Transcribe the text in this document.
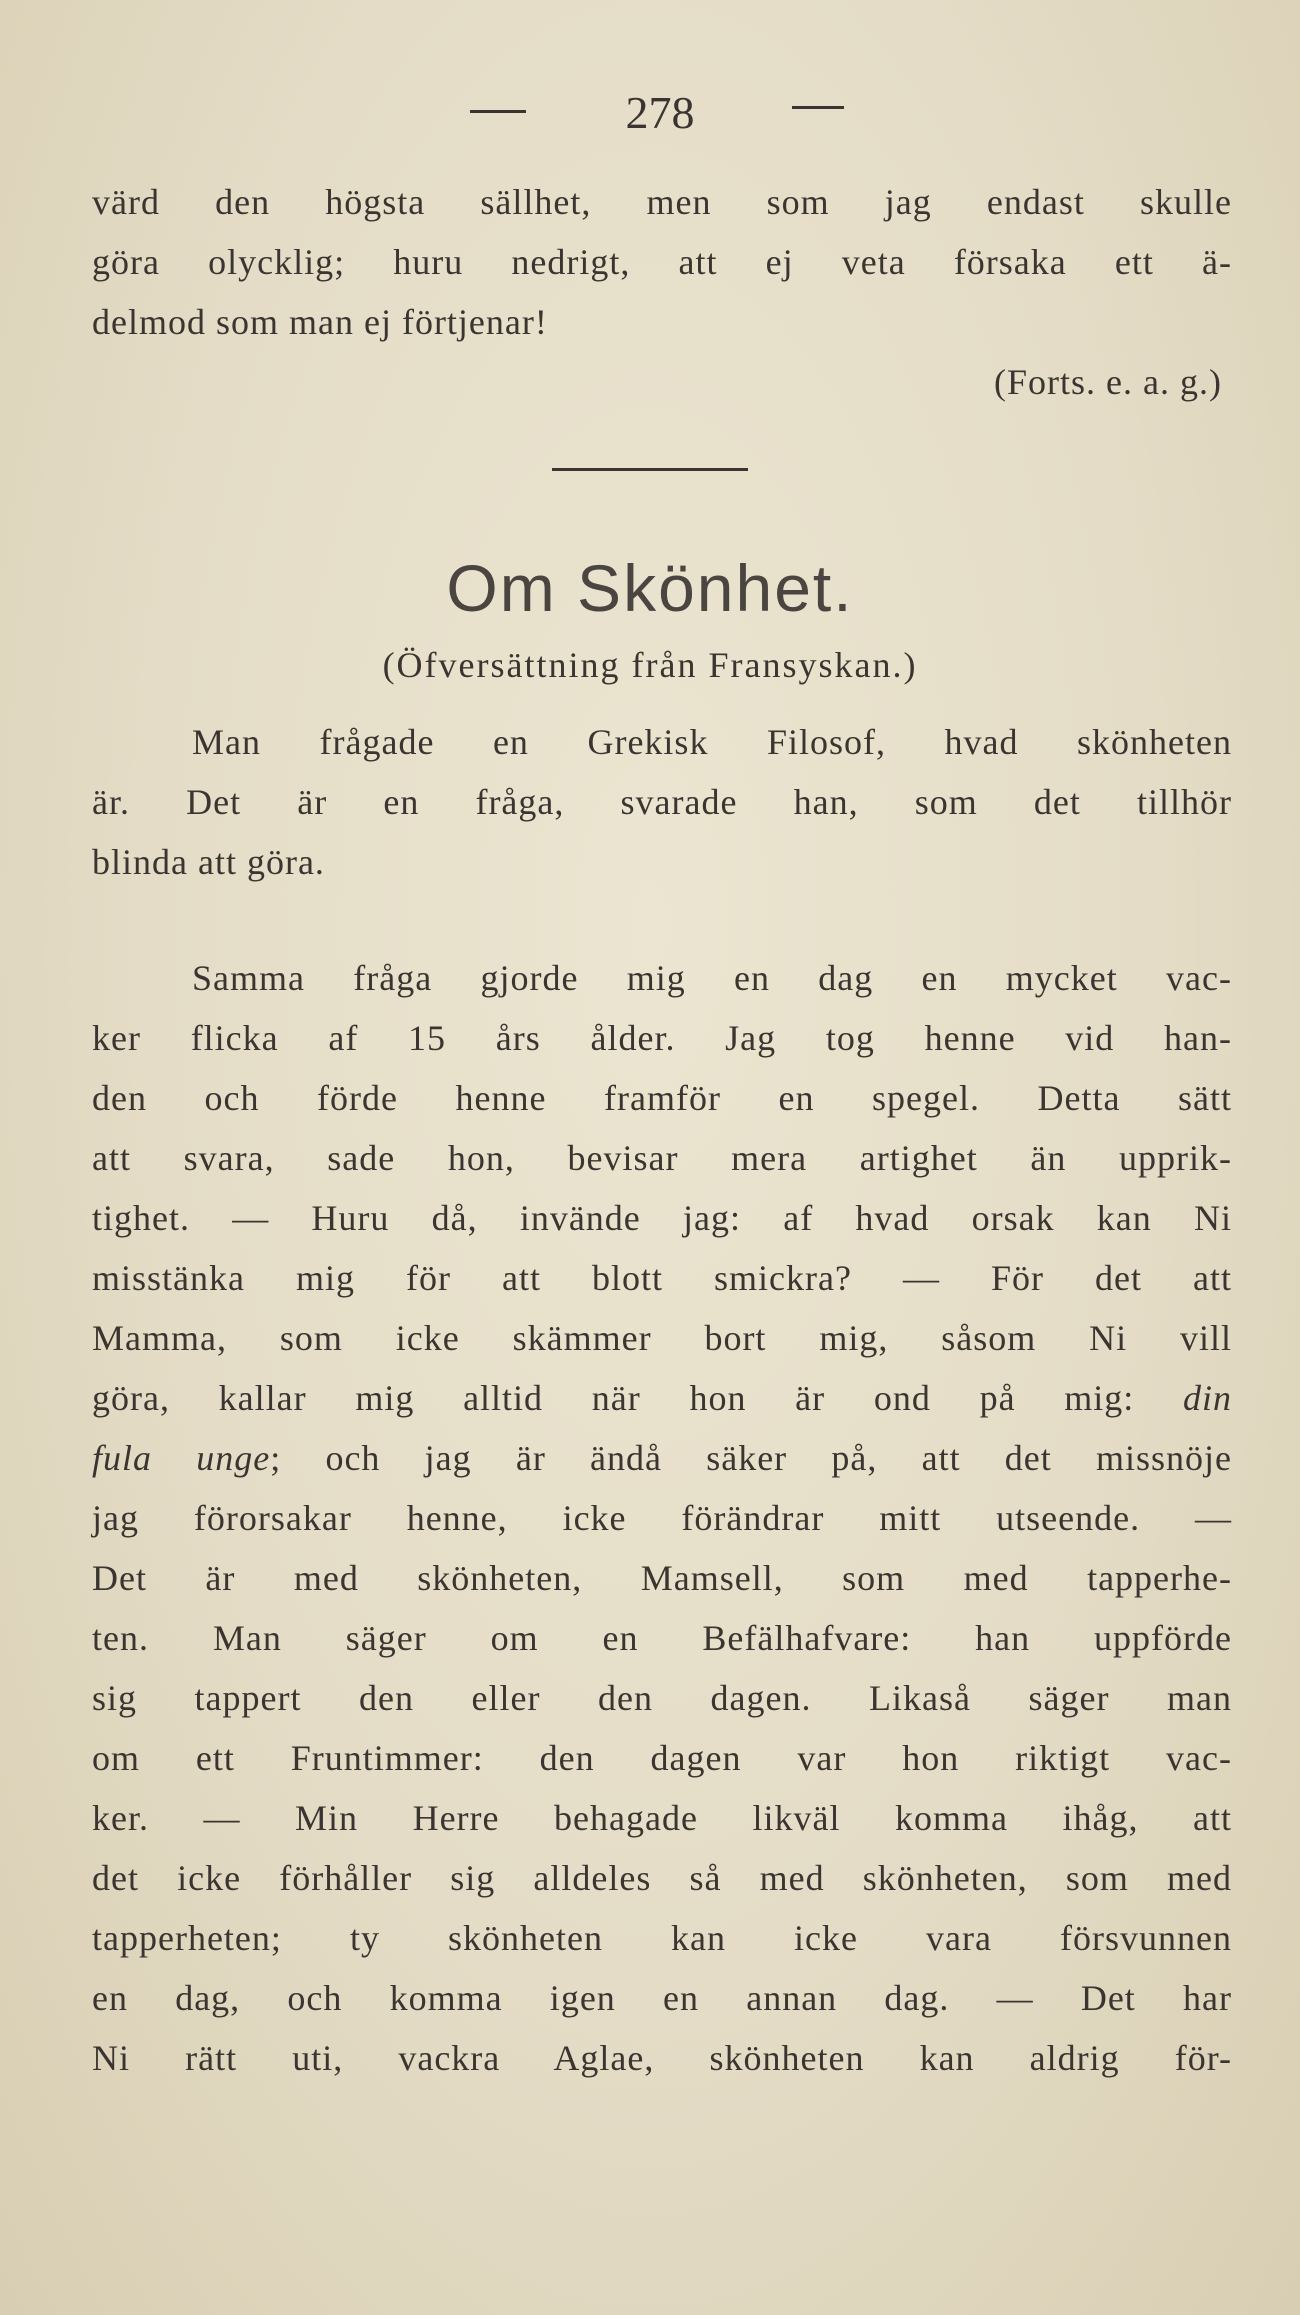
278
värd den högsta sällhet, men som jag endast skulle
göra olycklig; huru nedrigt, att ej veta försaka ett ä-
delmod som man ej förtjenar!
(Forts. e. a. g.)
Om Skönhet.
(Öfversättning från Fransyskan.)
Man frågade en Grekisk Filosof, hvad skönheten
är. Det är en fråga, svarade han, som det tillhör
blinda att göra.
Samma fråga gjorde mig en dag en mycket vac-
ker flicka af 15 års ålder. Jag tog henne vid han-
den och förde henne framför en spegel. Detta sätt
att svara, sade hon, bevisar mera artighet än upprik-
tighet. — Huru då, invände jag: af hvad orsak kan Ni
misstänka mig för att blott smickra? — För det att
Mamma, som icke skämmer bort mig, såsom Ni vill
göra, kallar mig alltid när hon är ond på mig: din
fula unge; och jag är ändå säker på, att det missnöje
jag förorsakar henne, icke förändrar mitt utseende. —
Det är med skönheten, Mamsell, som med tapperhe-
ten. Man säger om en Befälhafvare: han uppförde
sig tappert den eller den dagen. Likaså säger man
om ett Fruntimmer: den dagen var hon riktigt vac-
ker. — Min Herre behagade likväl komma ihåg, att
det icke förhåller sig alldeles så med skönheten, som med
tapperheten; ty skönheten kan icke vara försvunnen
en dag, och komma igen en annan dag. — Det har
Ni rätt uti, vackra Aglae, skönheten kan aldrig för-
